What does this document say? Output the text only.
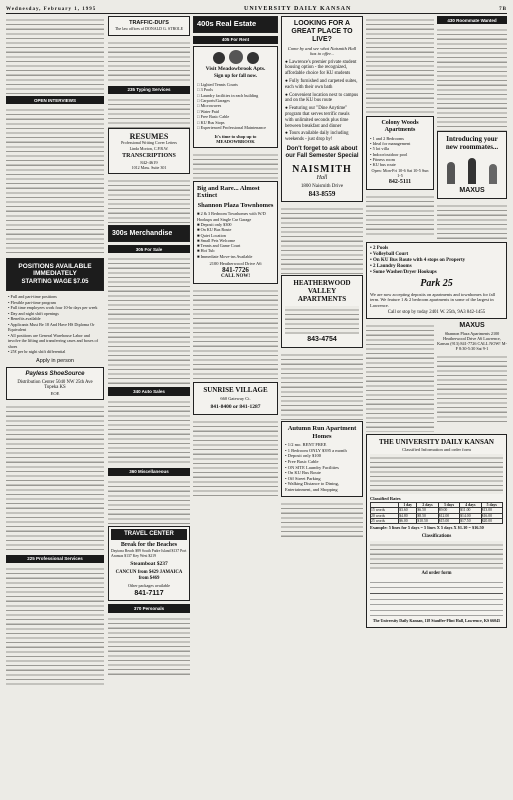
Wednesday, February 1, 1995	UNIVERSITY DAILY KANSAN	7B
OPEN INTERVIEWS
POSITIONS AVAILABLE IMMEDIATELY
STARTING WAGE $7.05
• Full and part-time positions
• Flexible part-time program
• Full time employees work four 10-hr days per week
• Day and night shift openings
• Benefits available
• Applicants Must Be 18 And Have HS Diploma Or Equivalent
• All positions are General Warehouse Labor and involve the lifting and transferring cases and boxes of shoes
• 25¢ per hr night shift differential
Apply in person
Payless ShoeSource
Distribution Center 5040 NW 25th Ave Topeka KS
EOE
225 Professional Services
TRAFFIC-DUI'S
The law offices of DONALD G. STROLE
235 Typing Services
RESUMES
Professional Writing Cover Letters
Linda Morton, C.P.R.W.
TRANSCRIPTIONS
842-4619
1012 Mass. Suite 301
300s Merchandise
305 For Sale
340 Auto Sales
360 Miscellaneous
TRAVEL CENTER
Break for the Beaches
Daytona Beach $89 South Padre Island $137 Port Aransas $137 Key West $219
Steamboat $237
CANCUN from $429 JAMAICA from $469
Other packages available
841-7117
370 Personals
400s Real Estate
405 For Rent
Visit Meadowbrook Apts.
Sign up for fall now.
□ Lighted Tennis Courts
□ 3 Pools
□ Laundry facilities in each building
□ Carports/Garages
□ Microwaves
□ Water Paid
□ Free Basic Cable
□ KU Bus Stops
□ Experienced Professional Maintenance
It's time to shop up to MEADOWBROOK
Big and Rare... Almost Extinct
Shannon Plaza Townhomes
■ 2 & 3 Bedroom Townhomes with W/D Hookups and Single Car Garage
■ Deposit only $300
■ On KU Bus Route
■ Quiet Location
■ Small Pets Welcome
■ Tennis and Game Court
■ Hot Tub
■ Immediate Move-ins Available
2100 Heatherwood Drive A6
841-7726
CALL NOW!
SUNRISE VILLAGE
660 Gateway Ct.
841-8400 or 841-1287
LOOKING FOR A GREAT PLACE TO LIVE?
Come by and see what Naismith Hall has to offer...
● Lawrence's premier private student housing option - the recognized, affordable choice for KU students
● Fully furnished and carpeted suites, each with their own bath
● Convenient location next to campus and on the KU bus route
● Featuring our "Dine Anytime" program that serves terrific meals with unlimited seconds plus time between breakfast and dinner
● Tours available daily including weekends - just drop by!
Don't forget to ask about our Fall Semester Special
NAISMITH
Hall
1800 Naismith Drive
843-8559
HEATHERWOOD VALLEY APARTMENTS
843-4754
Autumn Run Apartment Homes
• 1/2 mo. RENT FREE
• 1 Bedroom ONLY $395 a month
• Deposit only $100
• Free Basic Cable
• ON SITE Laundry Facilities
• On KU Bus Route
• Off Street Parking
• Walking Distance to Dining, Entertainment, and Shopping
Colony Woods Apartments
• 1 and 2 Bedrooms
• Ideal for management
• 5 lot villa
• Indoor/outdoor pool
• Fitness room
• KU bus route
Open: Mon-Fri 10-6 Sat 10-5 Sun 1-5
842-5111
430 Roommate Wanted
Introducing your new roommates...
MAXUS
• 2 Pools
• Volleyball Court
• On KU Bus Route with 4 stops on Property
• 2 Laundry Rooms
• Some Washer/Dryer Hookups
Park 25
We are now accepting deposits on apartments and townhomes for fall term. We feature 1 & 2 bedroom apartments in some of the largest in Lawrence.
Call or stop by today 2401 W. 25th, 9A3 842-1455
MAXUS
Shannon Plaza Apartments 2100 Heatherwood Drive A6 Lawrence, Kansas (913) 841-7726 CALL NOW! M-F 8:30-5:30 Sat 9-1
THE UNIVERSITY DAILY KANSAN
Classified Information and order form
Classified Rates
	1 day	2 days	3 days	4 days	5 days
15 words	$3.60	$6.50	$9.00	$11.00	$13.00
20 words	$4.80	$8.50	$12.00	$14.00	$16.00
25 words	$6.00	$10.50	$15.00	$17.50	$20.00
Example: 5 lines for 5 days = 5 lines X 5 days X $1.10 = $16.50
Classifications
Ad order form
The University Daily Kansan, 118 Stauffer-Flint Hall, Lawrence, KS 66045
